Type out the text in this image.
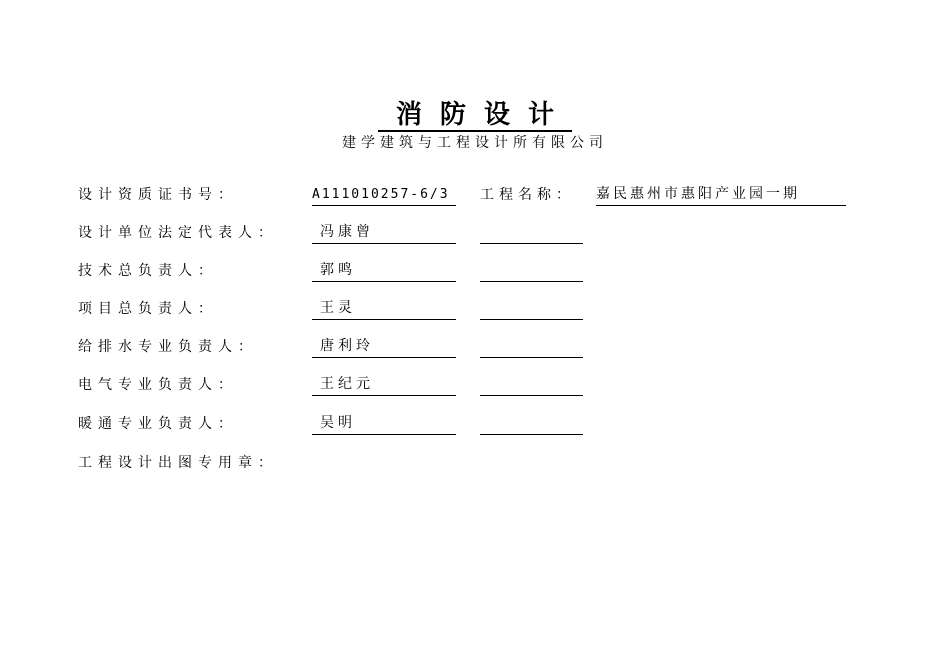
消防设计
建学建筑与工程设计所有限公司
设计资质证书号：	A111010257-6/3	工程名称： 嘉民惠州市惠阳产业园一期
设计单位法定代表人：	冯康曾
技术总负责人：	郭鸣
项目总负责人：	王灵
给排水专业负责人：	唐利玲
电气专业负责人：	王纪元
暖通专业负责人：	吴明
工程设计出图专用章：
